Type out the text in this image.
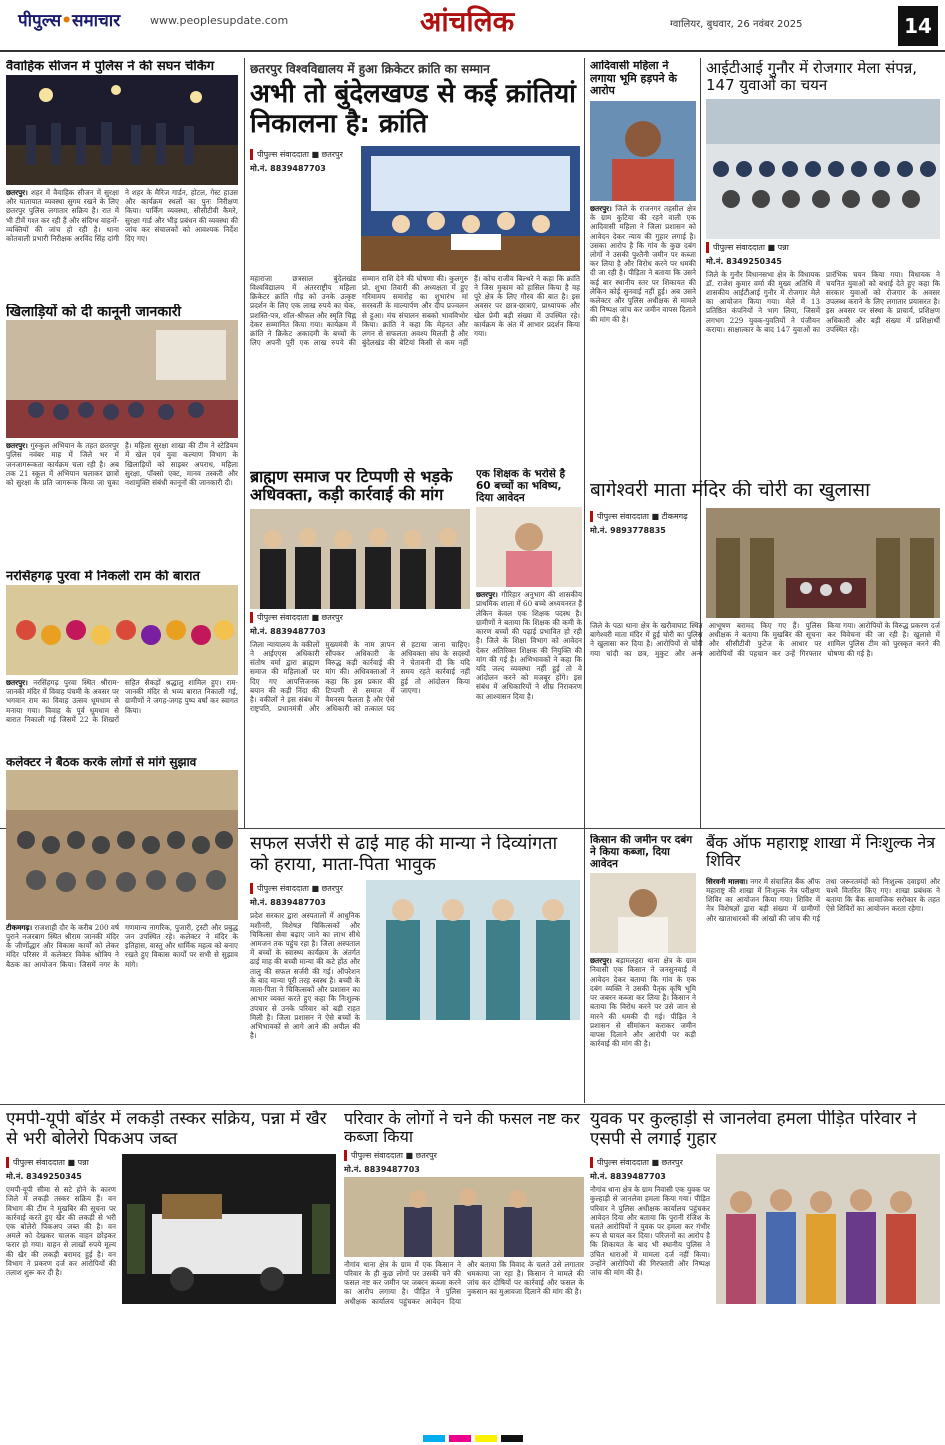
पीपुल्स•समाचार	www.peoplesupdate.com	आंचलिक	ग्वालियर, बुधवार, 26 नवंबर 2025	14
वैवाहिक सीजन में पुलिस ने की सघन चेकिंग
छतरपुर। शहर में वैवाहिक सीजन में सुरक्षा और यातायात व्यवस्था सुगम रखने के लिए छतरपुर पुलिस लगातार सक्रिय है। रात में भी टीमें गश्त कर रही हैं और संदिग्ध वाहनों-व्यक्तियों की जांच हो रही है। थाना कोतवाली प्रभारी निरीक्षक अरविंद सिंह दांगी ने शहर के मैरिज गार्डन, होटल, गेस्ट हाउस और कार्यक्रम स्थलों का पुनः निरीक्षण किया। पार्किंग व्यवस्था, सीसीटीवी कैमरे, सुरक्षा गार्ड और भीड़ प्रबंधन की व्यवस्था की जांच कर संचालकों को आवश्यक निर्देश दिए गए।
खिलाड़ियों को दी कानूनी जानकारी
छतरपुर। गुरुकुल अभियान के तहत छतरपुर पुलिस नवंबर माह में जिले भर में जनजागरूकता कार्यक्रम चला रही है। अब तक 21 स्कूल में अभियान चलाकर छात्रों को सुरक्षा के प्रति जागरूक किया जा चुका है। महिला सुरक्षा शाखा की टीम ने स्टेडियम में खेल एवं युवा कल्याण विभाग के खिलाड़ियों को साइबर अपराध, महिला सुरक्षा, पॉक्सो एक्ट, मानव तस्करी और नशामुक्ति संबंधी कानूनों की जानकारी दी।
नरसिंहगढ़ पुरवा में निकली राम की बारात
छतरपुर। नरसिंहगढ़ पुरवा स्थित श्रीराम-जानकी मंदिर में विवाह पंचमी के अवसर पर भगवान राम का विवाह उत्सव धूमधाम से मनाया गया। विवाह के पूर्व धूमधाम से बारात निकाली गई जिसमें 22 के शिखरों सहित सैकड़ों श्रद्धालु शामिल हुए। राम-जानकी मंदिर से भव्य बारात निकाली गई, ग्रामीणों ने जगह-जगह पुष्प वर्षा कर स्वागत किया।
कलेक्टर ने बैठक करके लोगों से मांगे सुझाव
टीकमगढ़। राजशाही दौर के करीब 200 वर्ष पुराने नजरबाग स्थित श्रीराम जानकी मंदिर के जीर्णोद्धार और विकास कार्यों को लेकर मंदिर परिसर में कलेक्टर विवेक श्रोत्रिय ने बैठक का आयोजन किया। जिसमें नगर के गणमान्य नागरिक, पुजारी, ट्रस्टी और प्रबुद्ध जन उपस्थित रहे। कलेक्टर ने मंदिर के इतिहास, वास्तु और धार्मिक महत्व को बनाए रखते हुए विकास कार्यों पर सभी से सुझाव मांगे।
छतरपुर विश्वविद्यालय में हुआ क्रिकेटर क्रांति का सम्मान
अभी तो बुंदेलखण्ड से कई क्रांतियां निकालना है: क्रांति
पीपुल्स संवाददाता ■ छतरपुर
मो.नं. 8839487703
महाराजा छत्रसाल बुंदेलखंड विश्वविद्यालय में अंतरराष्ट्रीय महिला क्रिकेटर क्रांति गौड़ को उनके उत्कृष्ट प्रदर्शन के लिए एक लाख रुपये का चेक, प्रशस्ति-पत्र, शॉल-श्रीफल और स्मृति चिह्न देकर सम्मानित किया गया। कार्यक्रम में क्रांति ने क्रिकेट अकादमी के बच्चों के लिए अपनी पूरी एक लाख रुपये की सम्मान राशि देने की घोषणा की। कुलगुरु प्रो. शुभा तिवारी की अध्यक्षता में हुए गरिमामय समारोह का शुभारंभ मां सरस्वती के माल्यार्पण और दीप प्रज्वलन से हुआ। मंच संचालन सबको भावविभोर किया। क्रांति ने कहा कि मेहनत और लगन से सफलता अवश्य मिलती है और बुंदेलखंड की बेटियां किसी से कम नहीं हैं। कोच राजीव बिल्थरे ने कहा कि क्रांति ने जिस मुकाम को हासिल किया है वह पूरे क्षेत्र के लिए गौरव की बात है। इस अवसर पर छात्र-छात्राएं, प्राध्यापक और खेल प्रेमी बड़ी संख्या में उपस्थित रहे। कार्यक्रम के अंत में आभार प्रदर्शन किया गया।
ब्राह्मण समाज पर टिप्पणी से भड़के अधिवक्ता, कड़ी कार्रवाई की मांग
पीपुल्स संवाददाता ■ छतरपुर
मो.नं. 8839487703
जिला न्यायालय के वकीलों ने आईएएस अधिकारी संतोष वर्मा द्वारा ब्राह्मण समाज की महिलाओं पर दिए गए आपत्तिजनक बयान की कड़ी निंदा की है। वकीलों ने इस संबंध में राष्ट्रपति, प्रधानमंत्री और मुख्यमंत्री के नाम ज्ञापन सौंपकर अधिकारी के विरुद्ध कड़ी कार्रवाई की मांग की। अधिवक्ताओं ने कहा कि इस प्रकार की टिप्पणी से समाज में वैमनस्य फैलता है और ऐसे अधिकारी को तत्काल पद से हटाया जाना चाहिए। अधिवक्ता संघ के सदस्यों ने चेतावनी दी कि यदि समय रहते कार्रवाई नहीं हुई तो आंदोलन किया जाएगा।
एक शिक्षक के भरोसे है 60 बच्चों का भविष्य, दिया आवेदन
छतरपुर। गौरिहार अनुभाग की शासकीय प्राथमिक शाला में 60 बच्चे अध्ययनरत हैं लेकिन केवल एक शिक्षक पदस्थ है। ग्रामीणों ने बताया कि शिक्षक की कमी के कारण बच्चों की पढ़ाई प्रभावित हो रही है। जिले के शिक्षा विभाग को आवेदन देकर अतिरिक्त शिक्षक की नियुक्ति की मांग की गई है। अभिभावकों ने कहा कि यदि जल्द व्यवस्था नहीं हुई तो वे आंदोलन करने को मजबूर होंगे। इस संबंध में अधिकारियों ने शीघ्र निराकरण का आश्वासन दिया है।
आदिवासी महिला ने लगाया भूमि हड़पने के आरोप
छतरपुर। जिले के राजनगर तहसील क्षेत्र के ग्राम कुटिया की रहने वाली एक आदिवासी महिला ने जिला प्रशासन को आवेदन देकर न्याय की गुहार लगाई है। उसका आरोप है कि गांव के कुछ दबंग लोगों ने उसकी पुश्तैनी जमीन पर कब्जा कर लिया है और विरोध करने पर धमकी दी जा रही है। पीड़िता ने बताया कि उसने कई बार स्थानीय स्तर पर शिकायत की लेकिन कोई सुनवाई नहीं हुई। अब उसने कलेक्टर और पुलिस अधीक्षक से मामले की निष्पक्ष जांच कर जमीन वापस दिलाने की मांग की है।
आईटीआई गुनौर में रोजगार मेला संपन्न, 147 युवाओं का चयन
पीपुल्स संवाददाता ■ पन्ना
मो.नं. 8349250345
जिले के गुनौर विधानसभा क्षेत्र के विधायक डॉ. राजेश कुमार वर्मा की मुख्य अतिथि में शासकीय आईटीआई गुनौर में रोजगार मेले का आयोजन किया गया। मेले में 13 प्रतिष्ठित कंपनियों ने भाग लिया, जिसमें लगभग 229 युवक-युवतियों ने पंजीयन कराया। साक्षात्कार के बाद 147 युवाओं का प्रारंभिक चयन किया गया। विधायक ने चयनित युवाओं को बधाई देते हुए कहा कि सरकार युवाओं को रोजगार के अवसर उपलब्ध कराने के लिए लगातार प्रयासरत है। इस अवसर पर संस्था के प्राचार्य, प्रशिक्षण अधिकारी और बड़ी संख्या में प्रशिक्षार्थी उपस्थित रहे।
बागेश्वरी माता मंदिर की चोरी का खुलासा
पीपुल्स संवाददाता ■ टीकमगढ़
मो.नं. 9893778835
जिले के पठा थाना क्षेत्र के खरौवाघाट स्थित बागेश्वरी माता मंदिर में हुई चोरी का पुलिस ने खुलासा कर दिया है। आरोपियों से चोरी गया चांदी का छत्र, मुकुट और अन्य आभूषण बरामद किए गए हैं। पुलिस अधीक्षक ने बताया कि मुखबिर की सूचना और सीसीटीवी फुटेज के आधार पर आरोपियों की पहचान कर उन्हें गिरफ्तार किया गया। आरोपियों के विरुद्ध प्रकरण दर्ज कर विवेचना की जा रही है। खुलासे में शामिल पुलिस टीम को पुरस्कृत करने की घोषणा की गई है।
सफल सर्जरी से ढाई माह की मान्या ने दिव्यांगता को हराया, माता-पिता भावुक
पीपुल्स संवाददाता ■ छतरपुर
मो.नं. 8839487703
प्रदेश सरकार द्वारा अस्पतालों में आधुनिक मशीनरी, विशेषज्ञ चिकित्सकों और चिकित्सा सेवा बढ़ाए जाने का लाभ सीधे आमजन तक पहुंच रहा है। जिला अस्पताल में बच्चों के स्वास्थ्य कार्यक्रम के अंतर्गत ढाई माह की बच्ची मान्या की कटे होंठ और तालु की सफल सर्जरी की गई। ऑपरेशन के बाद मान्या पूरी तरह स्वस्थ है। बच्ची के माता-पिता ने चिकित्सकों और प्रशासन का आभार व्यक्त करते हुए कहा कि निःशुल्क उपचार से उनके परिवार को बड़ी राहत मिली है। जिला प्रशासन ने ऐसे बच्चों के अभिभावकों से आगे आने की अपील की है।
किसान की जमीन पर दबंग ने किया कब्जा, दिया आवेदन
छतरपुर। बड़ामलहरा थाना क्षेत्र के ग्राम निवासी एक किसान ने जनसुनवाई में आवेदन देकर बताया कि गांव के एक दबंग व्यक्ति ने उसकी पैतृक कृषि भूमि पर जबरन कब्जा कर लिया है। किसान ने बताया कि विरोध करने पर उसे जान से मारने की धमकी दी गई। पीड़ित ने प्रशासन से सीमांकन कराकर जमीन वापस दिलाने और आरोपी पर कड़ी कार्रवाई की मांग की है।
बैंक ऑफ महाराष्ट्र शाखा में निःशुल्क नेत्र शिविर
सिरवनी मालवा। नगर में संचालित बैंक ऑफ महाराष्ट्र की शाखा में निःशुल्क नेत्र परीक्षण शिविर का आयोजन किया गया। शिविर में नेत्र विशेषज्ञों द्वारा बड़ी संख्या में ग्रामीणों और खाताधारकों की आंखों की जांच की गई तथा जरूरतमंदों को निःशुल्क दवाइयां और चश्मे वितरित किए गए। शाखा प्रबंधक ने बताया कि बैंक सामाजिक सरोकार के तहत ऐसे शिविरों का आयोजन करता रहेगा।
एमपी-यूपी बॉर्डर में लकड़ी तस्कर सक्रिय, पन्ना में खैर से भरी बोलेरो पिकअप जब्त
पीपुल्स संवाददाता ■ पन्ना
मो.नं. 8349250345
एमपी-यूपी सीमा से सटे होने के कारण जिले में लकड़ी तस्कर सक्रिय हैं। वन विभाग की टीम ने मुखबिर की सूचना पर कार्रवाई करते हुए खैर की लकड़ी से भरी एक बोलेरो पिकअप जब्त की है। वन अमले को देखकर चालक वाहन छोड़कर फरार हो गया। वाहन से लाखों रुपये मूल्य की खैर की लकड़ी बरामद हुई है। वन विभाग ने प्रकरण दर्ज कर आरोपियों की तलाश शुरू कर दी है।
परिवार के लोगों ने चने की फसल नष्ट कर कब्जा किया
पीपुल्स संवाददाता ■ छतरपुर
मो.नं. 8839487703
नौगांव थाना क्षेत्र के ग्राम में एक किसान ने परिवार के ही कुछ लोगों पर उसकी चने की फसल नष्ट कर जमीन पर जबरन कब्जा करने का आरोप लगाया है। पीड़ित ने पुलिस अधीक्षक कार्यालय पहुंचकर आवेदन दिया और बताया कि विवाद के चलते उसे लगातार धमकाया जा रहा है। किसान ने मामले की जांच कर दोषियों पर कार्रवाई और फसल के नुकसान का मुआवजा दिलाने की मांग की है।
युवक पर कुल्हाड़ी से जानलेवा हमला पीड़ित परिवार ने एसपी से लगाई गुहार
पीपुल्स संवाददाता ■ छतरपुर
मो.नं. 8839487703
नौगांव थाना क्षेत्र के ग्राम निवासी एक युवक पर कुल्हाड़ी से जानलेवा हमला किया गया। पीड़ित परिवार ने पुलिस अधीक्षक कार्यालय पहुंचकर आवेदन दिया और बताया कि पुरानी रंजिश के चलते आरोपियों ने युवक पर हमला कर गंभीर रूप से घायल कर दिया। परिजनों का आरोप है कि शिकायत के बाद भी स्थानीय पुलिस ने उचित धाराओं में मामला दर्ज नहीं किया। उन्होंने आरोपियों की गिरफ्तारी और निष्पक्ष जांच की मांग की है।
